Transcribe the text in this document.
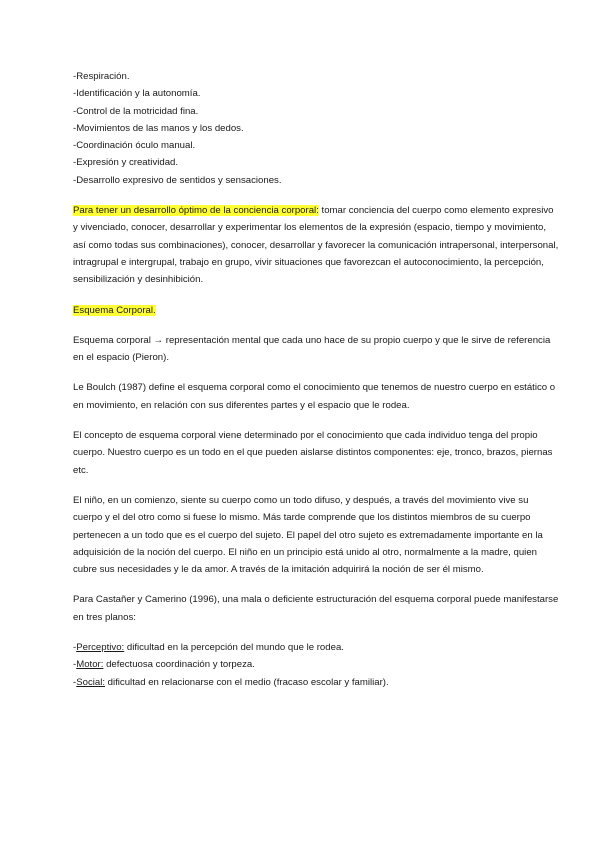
-Respiración.

-Identificación y la autonomía.

-Control de la motricidad fina.

-Movimientos de las manos y los dedos.

-Coordinación óculo manual.

-Expresión y creatividad.

-Desarrollo expresivo de sentidos y sensaciones.

Para tener un desarrollo óptimo de la conciencia corporal: tomar conciencia del cuerpo como elemento expresivo y vivenciado, conocer, desarrollar y experimentar los elementos de la expresión (espacio, tiempo y movimiento, así como todas sus combinaciones), conocer, desarrollar y favorecer la comunicación intrapersonal, interpersonal, intragrupal e intergrupal, trabajo en grupo, vivir situaciones que favorezcan el autoconocimiento, la percepción, sensibilización y desinhibición.

Esquema Corporal.

Esquema corporal → representación mental que cada uno hace de su propio cuerpo y que le sirve de referencia en el espacio (Pieron).

Le Boulch (1987) define el esquema corporal como el conocimiento que tenemos de nuestro cuerpo en estático o en movimiento, en relación con sus diferentes partes y el espacio que le rodea.

El concepto de esquema corporal viene determinado por el conocimiento que cada individuo tenga del propio cuerpo. Nuestro cuerpo es un todo en el que pueden aislarse distintos componentes: eje, tronco, brazos, piernas etc.

El niño, en un comienzo, siente su cuerpo como un todo difuso, y después, a través del movimiento vive su cuerpo y el del otro como si fuese lo mismo. Más tarde comprende que los distintos miembros de su cuerpo pertenecen a un todo que es el cuerpo del sujeto. El papel del otro sujeto es extremadamente importante en la adquisición de la noción del cuerpo. El niño en un principio está unido al otro, normalmente a la madre, quien cubre sus necesidades y le da amor. A través de la imitación adquirirá la noción de ser él mismo.

Para Castañer y Camerino (1996), una mala o deficiente estructuración del esquema corporal puede manifestarse en tres planos:

-Perceptivo: dificultad en la percepción del mundo que le rodea.

-Motor: defectuosa coordinación y torpeza.

-Social: dificultad en relacionarse con el medio (fracaso escolar y familiar).
